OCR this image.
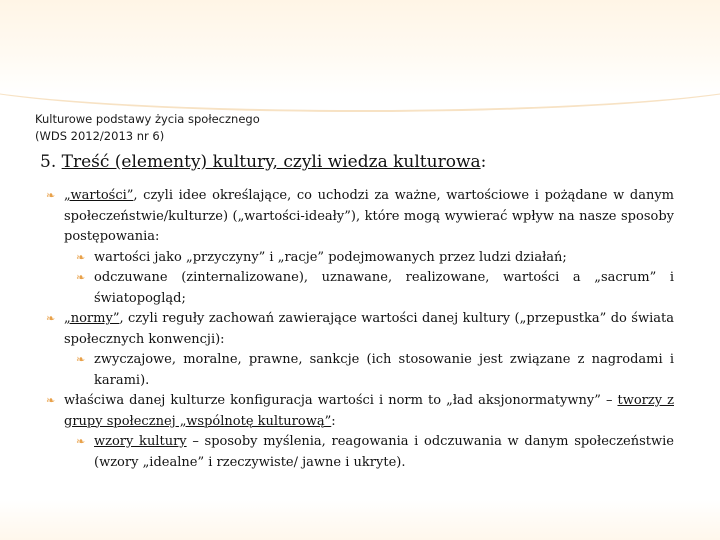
Kulturowe podstawy życia społecznego
(WDS 2012/2013 nr 6)
5. Treść (elementy) kultury, czyli wiedza kulturowa:
❧ „wartości”, czyli idee określające, co uchodzi za ważne, wartościowe i pożądane w danym społeczeństwie/kulturze) („wartości-ideały”), które mogą wywierać wpływ na nasze sposoby postępowania:
❧ wartości jako „przyczyny” i „racje” podejmowanych przez ludzi działań;
❧ odczuwane (zinternalizowane), uznawane, realizowane, wartości a „sacrum” i światopogląd;
❧ „normy”, czyli reguły zachowań zawierające wartości danej kultury („przepustka” do świata społecznych konwencji):
❧ zwyczajowe, moralne, prawne, sankcje (ich stosowanie jest związane z nagrodami i karami).
❧ właściwa danej kulturze konfiguracja wartości i norm to „ład aksjonormatywny” – tworzy z grupy społecznej „wspólnotę kulturową”:
❧ wzory kultury – sposoby myślenia, reagowania i odczuwania w danym społeczeństwie (wzory „idealne” i rzeczywiste/ jawne i ukryte).
